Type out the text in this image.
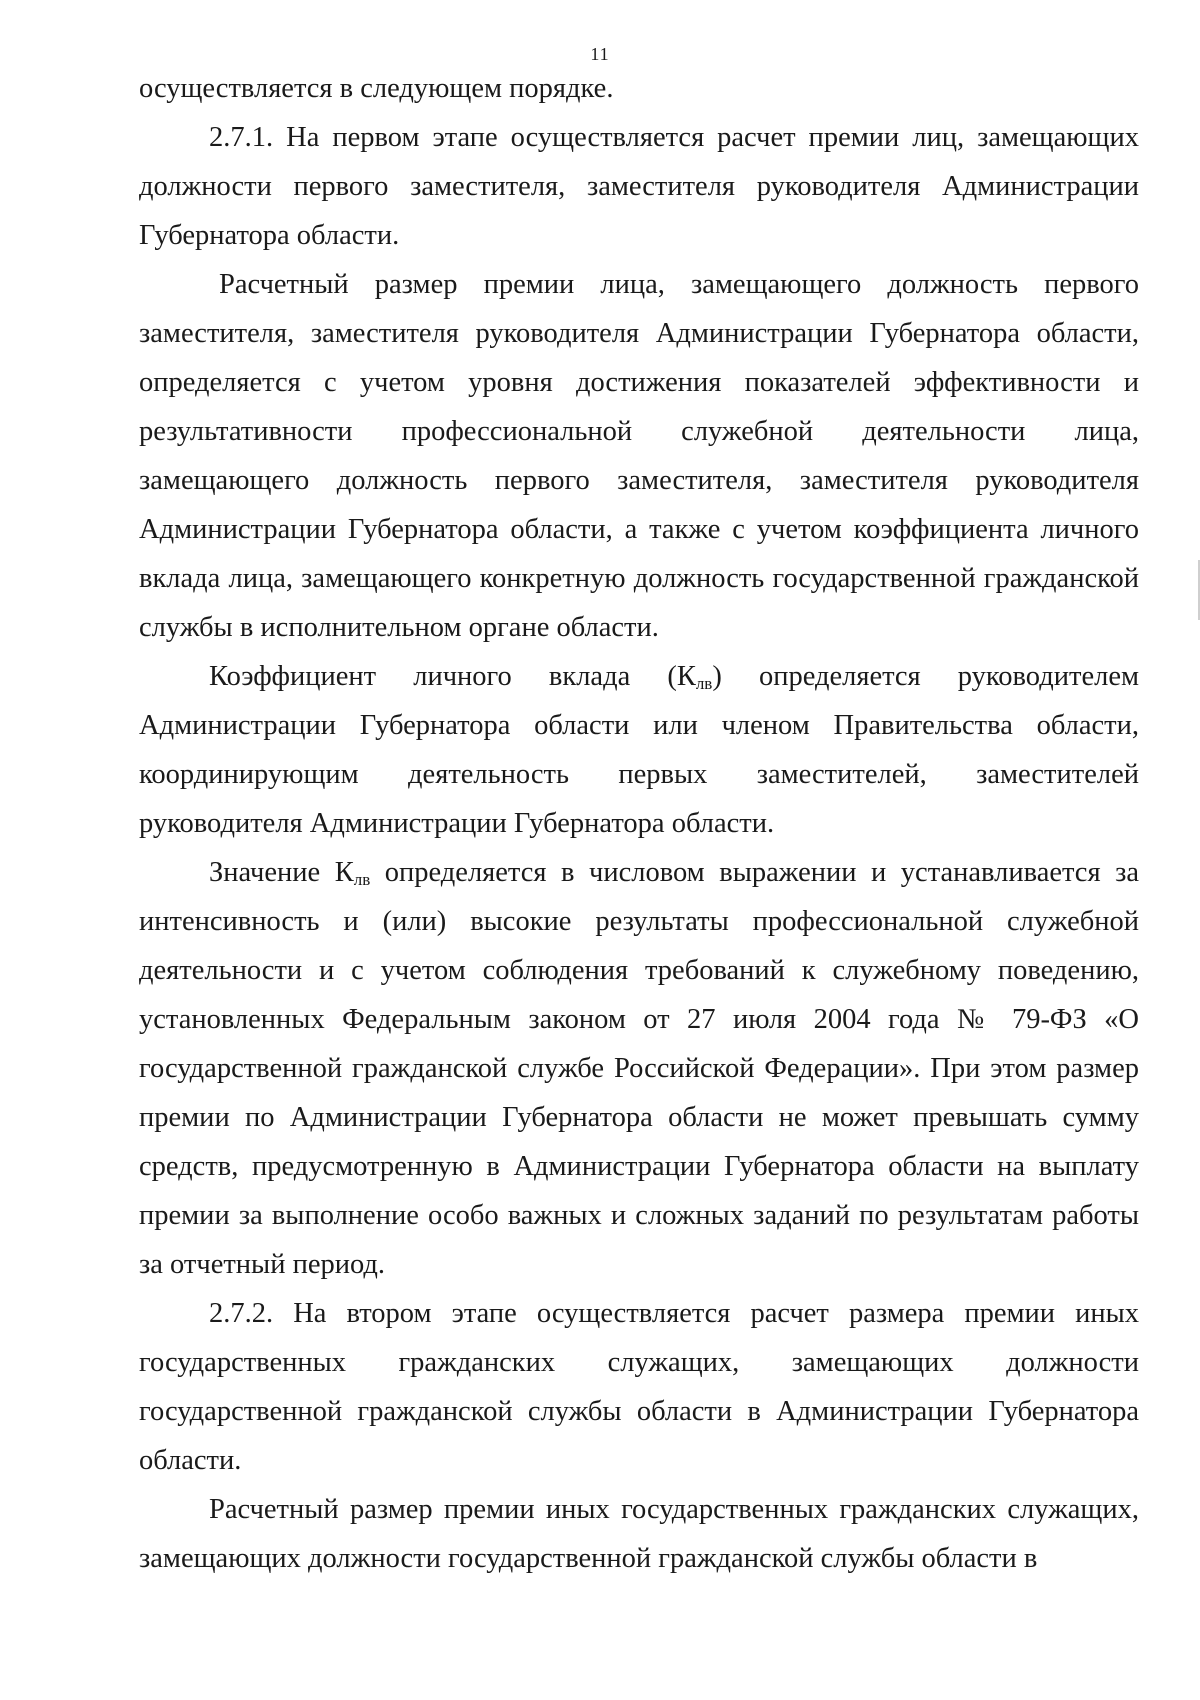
11

осуществляется в следующем порядке.

2.7.1. На первом этапе осуществляется расчет премии лиц, замещающих должности первого заместителя, заместителя руководителя Администрации Губернатора области.

Расчетный размер премии лица, замещающего должность первого заместителя, заместителя руководителя Администрации Губернатора области, определяется с учетом уровня достижения показателей эффективности и результативности профессиональной служебной деятельности лица, замещающего должность первого заместителя, заместителя руководителя Администрации Губернатора области, а также с учетом коэффициента личного вклада лица, замещающего конкретную должность государственной гражданской службы в исполнительном органе области.

Коэффициент личного вклада $(К_{лв})$ определяется руководителем Администрации Губернатора области или членом Правительства области, координирующим деятельность первых заместителей, заместителей руководителя Администрации Губернатора области.

Значение $К_{лв}$ определяется в числовом выражении и устанавливается за интенсивность и (или) высокие результаты профессиональной служебной деятельности и с учетом соблюдения требований к служебному поведению, установленных Федеральным законом от 27 июля 2004 года № 79-ФЗ «О государственной гражданской службе Российской Федерации». При этом размер премии по Администрации Губернатора области не может превышать сумму средств, предусмотренную в Администрации Губернатора области на выплату премии за выполнение особо важных и сложных заданий по результатам работы за отчетный период.

2.7.2. На втором этапе осуществляется расчет размера премии иных государственных гражданских служащих, замещающих должности государственной гражданской службы области в Администрации Губернатора области.

Расчетный размер премии иных государственных гражданских служащих, замещающих должности государственной гражданской службы области в
